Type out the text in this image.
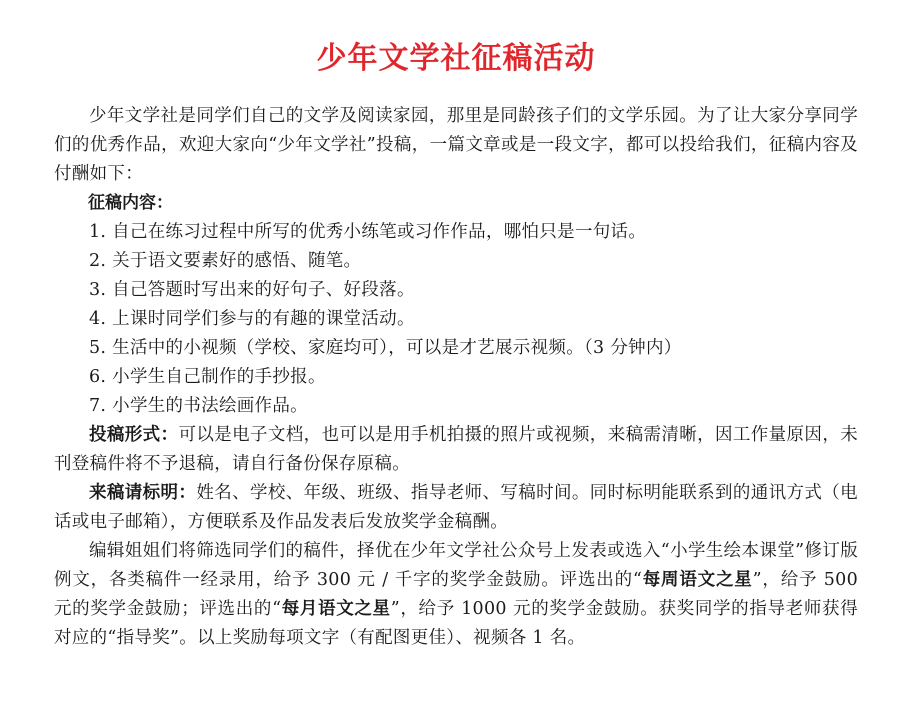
少年文学社征稿活动

少年文学社是同学们自己的文学及阅读家园，那里是同龄孩子们的文学乐园。为了让大家分享同学们的优秀作品，欢迎大家向“少年文学社”投稿，一篇文章或是一段文字，都可以投给我们，征稿内容及付酬如下：

征稿内容：

1. 自己在练习过程中所写的优秀小练笔或习作作品，哪怕只是一句话。

2. 关于语文要素好的感悟、随笔。

3. 自己答题时写出来的好句子、好段落。

4. 上课时同学们参与的有趣的课堂活动。

5. 生活中的小视频（学校、家庭均可），可以是才艺展示视频。（3 分钟内）

6. 小学生自己制作的手抄报。

7. 小学生的书法绘画作品。

投稿形式：可以是电子文档，也可以是用手机拍摄的照片或视频，来稿需清晰，因工作量原因，未刊登稿件将不予退稿，请自行备份保存原稿。

来稿请标明：姓名、学校、年级、班级、指导老师、写稿时间。同时标明能联系到的通讯方式（电话或电子邮箱），方便联系及作品发表后发放奖学金稿酬。

编辑姐姐们将筛选同学们的稿件，择优在少年文学社公众号上发表或选入“小学生绘本课堂”修订版例文，各类稿件一经录用，给予 300 元 / 千字的奖学金鼓励。评选出的“每周语文之星”，给予 500 元的奖学金鼓励；评选出的“每月语文之星”，给予 1000 元的奖学金鼓励。获奖同学的指导老师获得对应的“指导奖”。以上奖励每项文字（有配图更佳）、视频各 1 名。
